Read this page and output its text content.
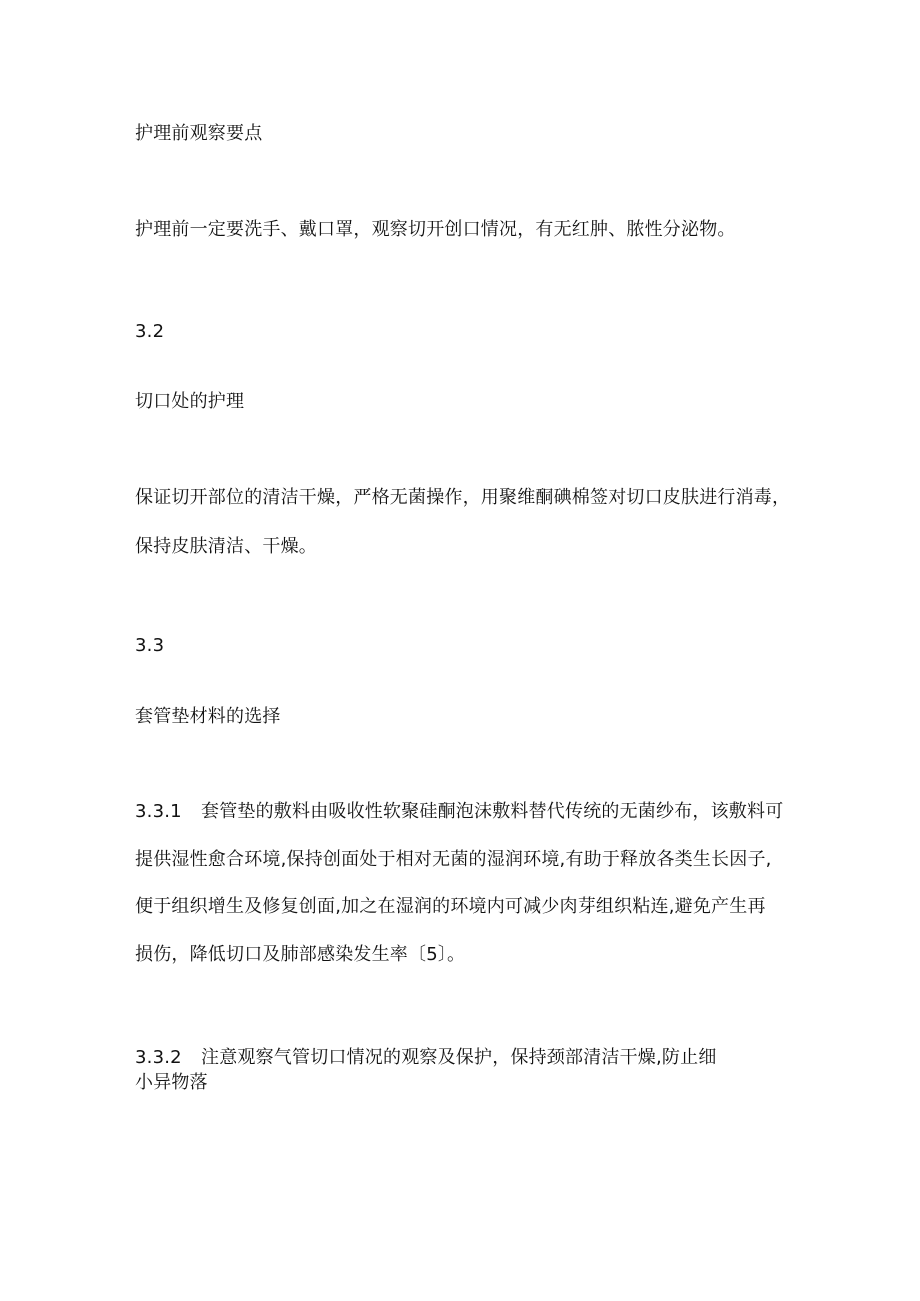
护理前观察要点
护理前一定要洗手、戴口罩，观察切开创口情况，有无红肿、脓性分泌物。
3.2
切口处的护理
保证切开部位的清洁干燥，严格无菌操作，用聚维酮碘棉签对切口皮肤进行消毒，
保持皮肤清洁、干燥。
3.3
套管垫材料的选择
3.3.1 套管垫的敷料由吸收性软聚硅酮泡沫敷料替代传统的无菌纱布，该敷料可
提供湿性愈合环境,保持创面处于相对无菌的湿润环境,有助于释放各类生长因子,
便于组织增生及修复创面,加之在湿润的环境内可减少肉芽组织粘连,避免产生再
损伤，降低切口及肺部感染发生率〔5〕。
3.3.2 注意观察气管切口情况的观察及保护，保持颈部清洁干燥,防止细
小异物落
